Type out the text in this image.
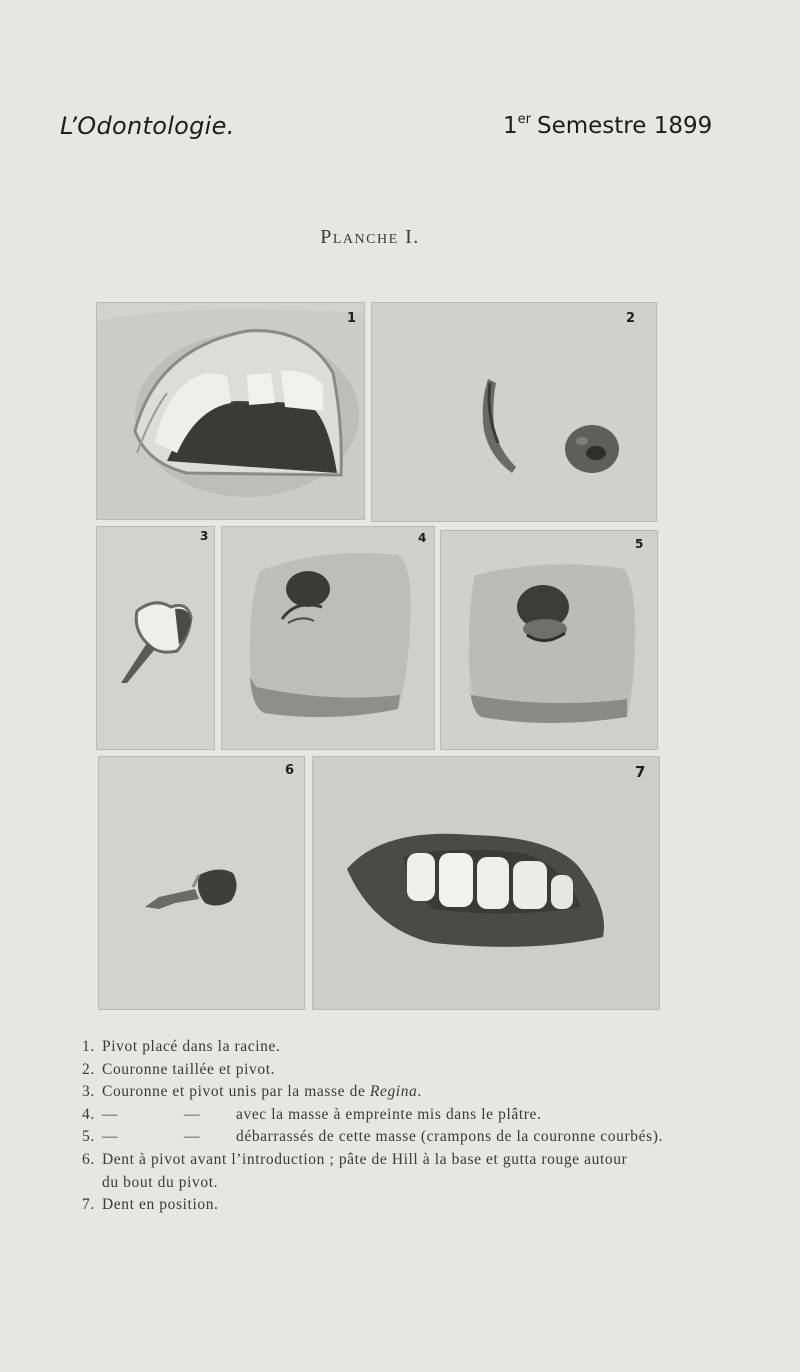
L’Odontologie.	1er Semestre 1899
Planche I.
1	2
3	4	5
6	7
1. Pivot placé dans la racine.
2. Couronne taillée et pivot.
3. Couronne et pivot unis par la masse de Regina.
4. —	— avec la masse à empreinte mis dans le plâtre.
5. —	— débarrassés de cette masse (crampons de la couronne courbés).
6. Dent à pivot avant l’introduction ; pâte de Hill à la base et gutta rouge autour
du bout du pivot.
7. Dent en position.
